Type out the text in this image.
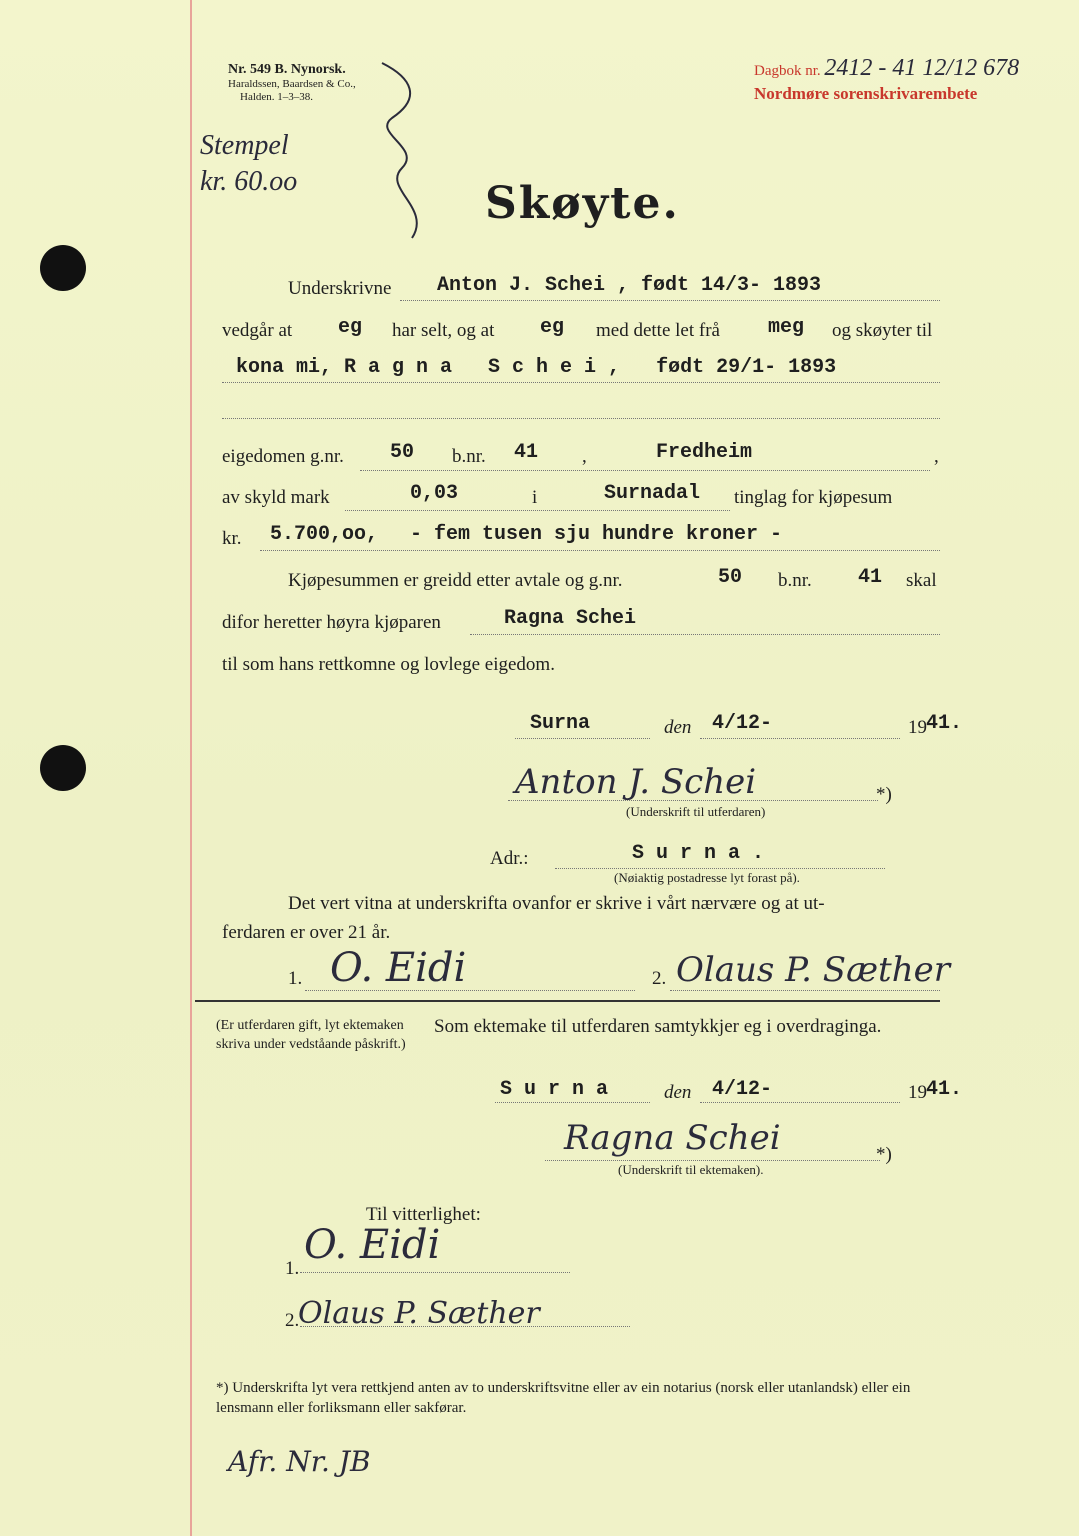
Nr. 549 B. Nynorsk.
Haraldssen, Baardsen & Co.,
Halden. 1–3–38.
Stempel
kr. 60.oo
Dagbok nr. 2412 - 41 12/12 678
Nordmøre sorenskrivarembete
Skøyte.
Underskrivne Anton J. Schei , født 14/3- 1893
vedgår at eg har selt, og at eg med dette let frå meg og skøyter til
kona mi, R a g n a   S c h e i ,   født 29/1- 1893
eigedomen g.nr. 50 b.nr. 41 ,	Fredheim	,
av skyld mark	0,03	i	Surnadal tinglag for kjøpesum
kr. 5.700,oo, - fem tusen sju hundre kroner -
Kjøpesummen er greidd etter avtale og g.nr.	50 b.nr. 41 skal
difor heretter høyra kjøparen	Ragna Schei
til som hans rettkomne og lovlege eigedom.
Surna	den 4/12-	19 41.
Anton J. Schei
(Underskrift til utferdaren)
*)
Adr.:	S u r n a .
(Nøiaktig postadresse lyt forast på).
Det vert vitna at underskrifta ovanfor er skrive i vårt nærvære og at ut-
ferdaren er over 21 år.
1. O. Eidi	2. Olaus P. Sæther
(Er utferdaren gift, lyt ektemaken skriva under vedståande påskrift.)
Som ektemake til utferdaren samtykkjer eg i overdraginga.
S u r n a	den 4/12-	19 41.
Ragna Schei
(Underskrift til ektemaken).
*)
Til vitterlighet:
1.
O. Eidi
2.
Olaus P. Sæther
*) Underskrifta lyt vera rettkjend anten av to underskriftsvitne eller av ein notarius (norsk eller utanlandsk) eller ein lensmann eller forliksmann eller sakførar.
Afr. Nr. JB
